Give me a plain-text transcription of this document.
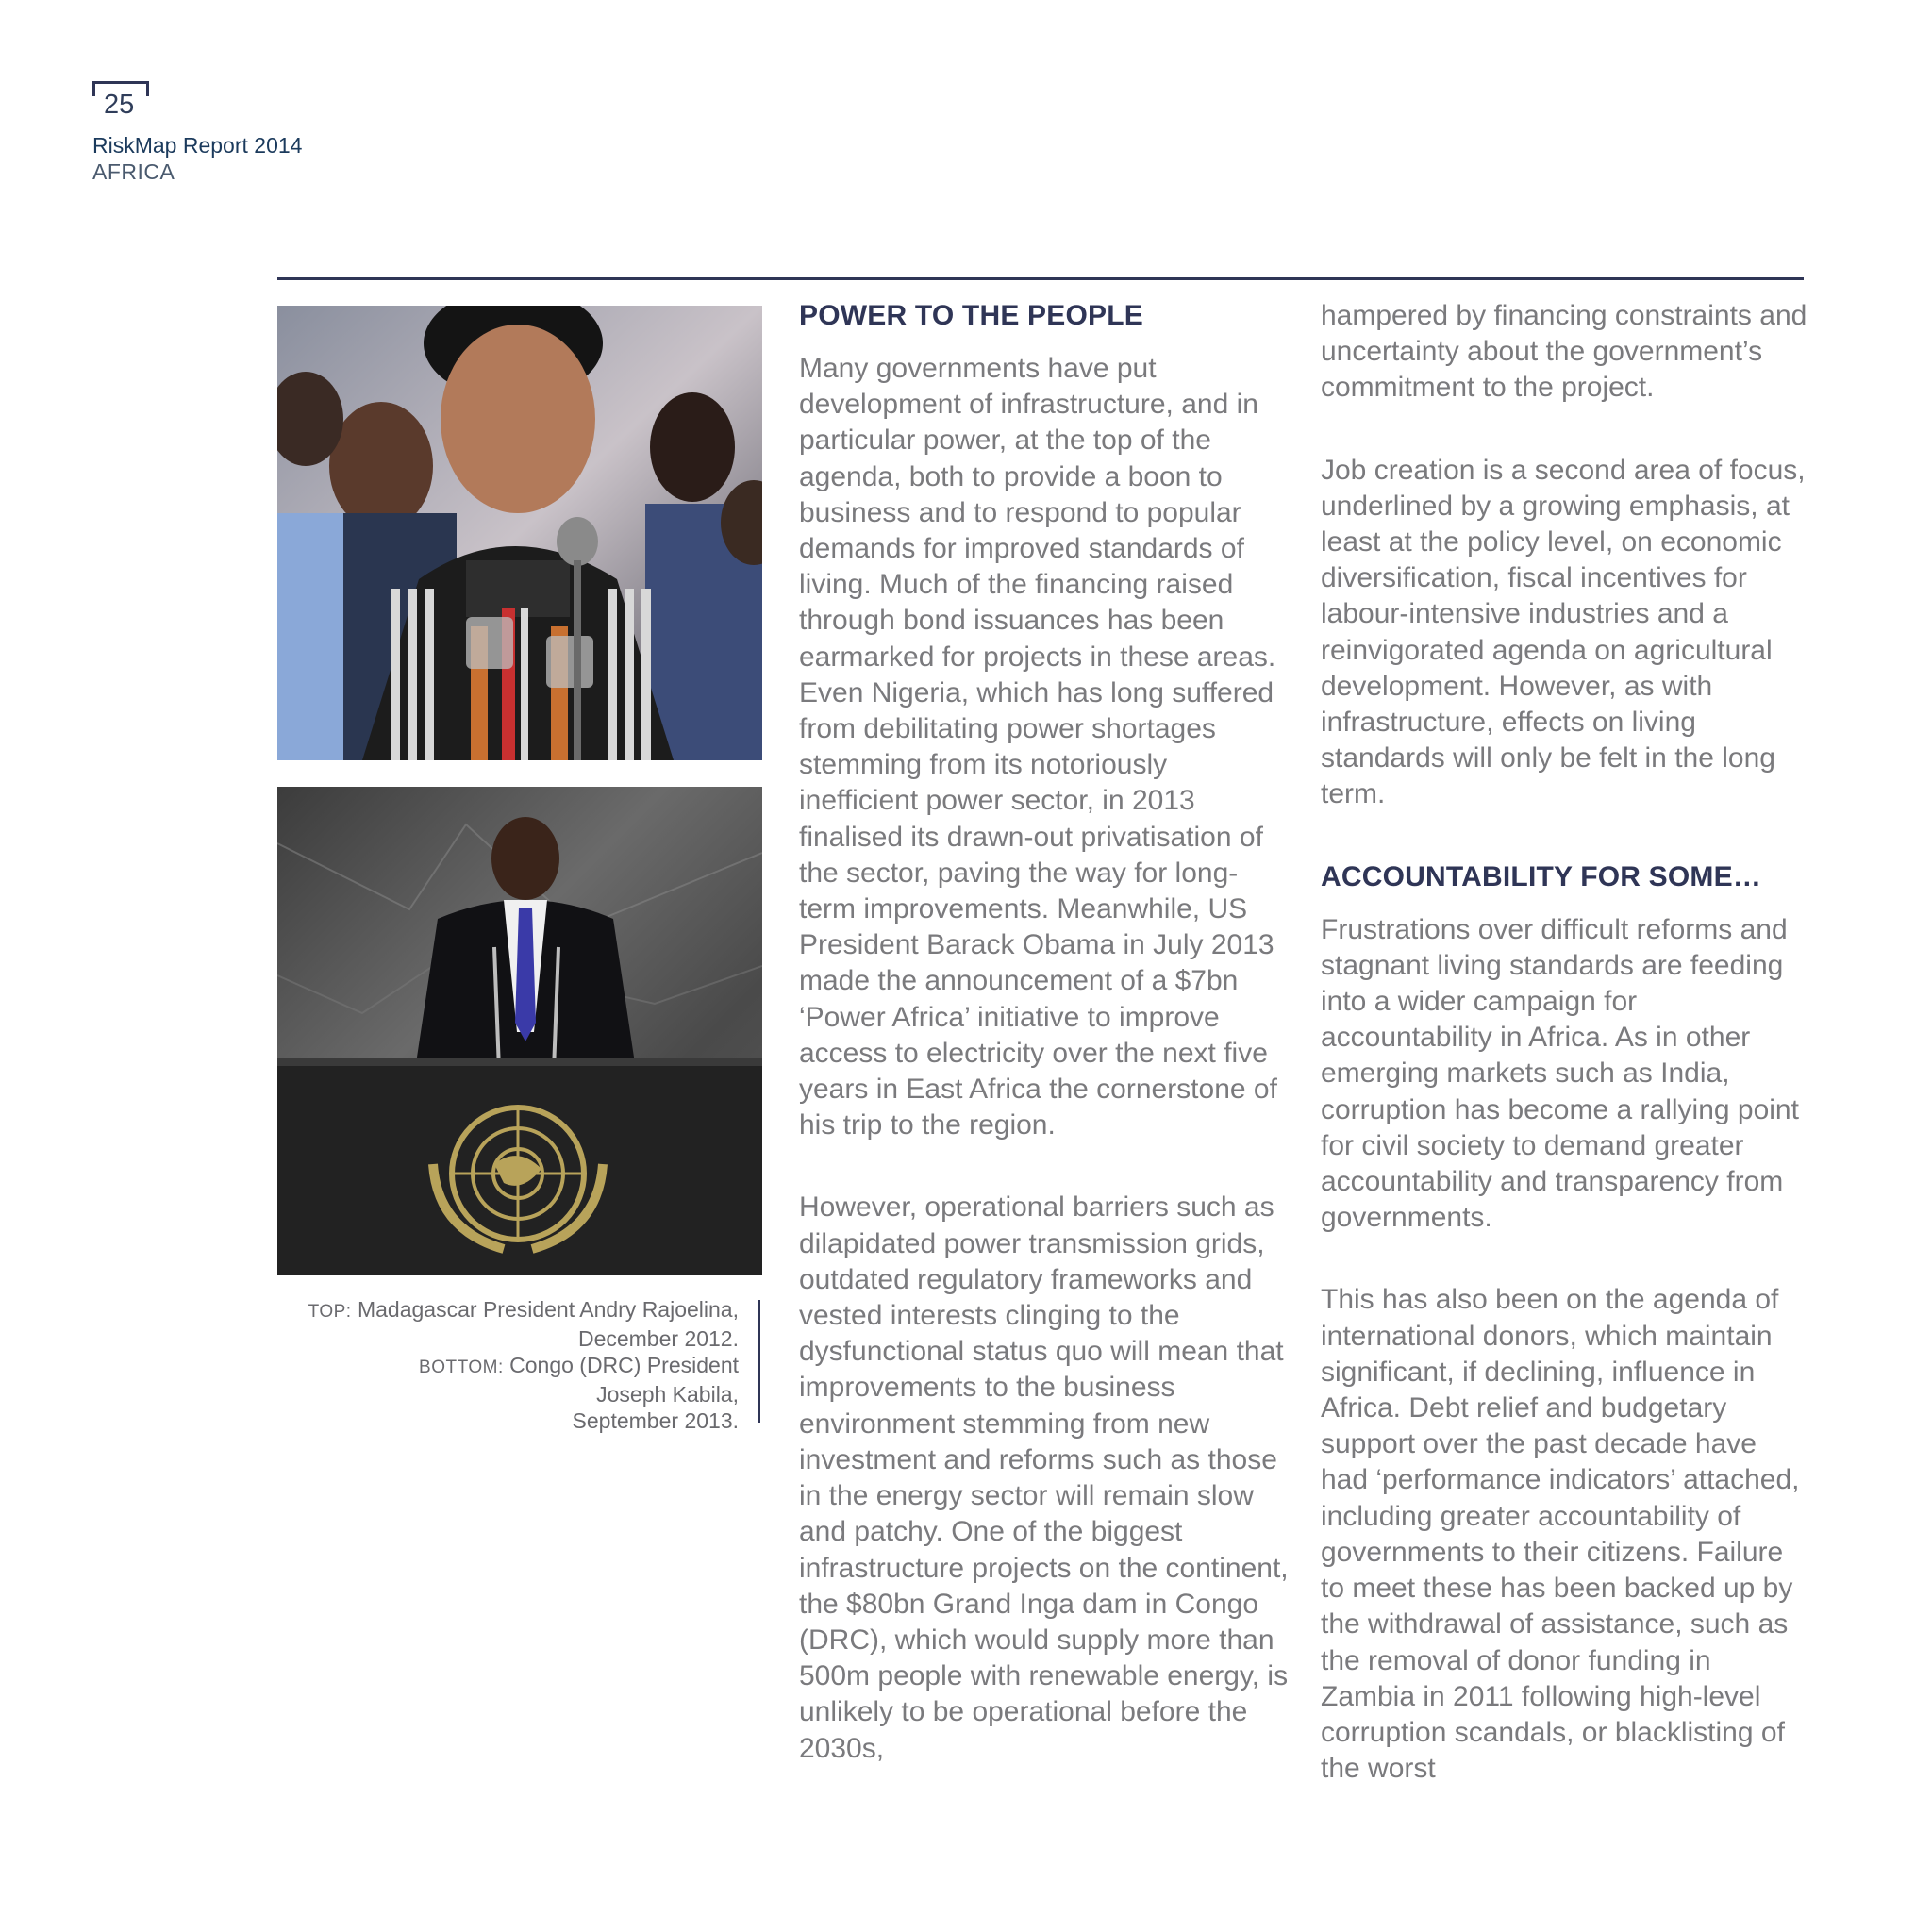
25
RiskMap Report 2014
AFRICA
TOP: Madagascar President Andry Rajoelina, December 2012.
BOTTOM: Congo (DRC) President
Joseph Kabila,
September 2013.
POWER TO THE PEOPLE

Many governments have put development of infrastructure, and in particular power, at the top of the agenda, both to provide a boon to business and to respond to popular demands for improved standards of living. Much of the financing raised through bond issuances has been earmarked for projects in these areas. Even Nigeria, which has long suffered from debilitating power shortages stemming from its notoriously inefficient power sector, in 2013 finalised its drawn-out privatisation of the sector, paving the way for long-term improvements. Meanwhile, US President Barack Obama in July 2013 made the announcement of a $7bn ‘Power Africa’ initiative to improve access to electricity over the next five years in East Africa the cornerstone of his trip to the region.

However, operational barriers such as dilapidated power transmission grids, outdated regulatory frameworks and vested interests clinging to the dysfunctional status quo will mean that improvements to the business environment stemming from new investment and reforms such as those in the energy sector will remain slow and patchy. One of the biggest infrastructure projects on the continent, the $80bn Grand Inga dam in Congo (DRC), which would supply more than 500m people with renewable energy, is unlikely to be operational before the 2030s,

hampered by financing constraints and uncertainty about the government’s commitment to the project.

Job creation is a second area of focus, underlined by a growing emphasis, at least at the policy level, on economic diversification, fiscal incentives for labour-intensive industries and a reinvigorated agenda on agricultural development. However, as with infrastructure, effects on living standards will only be felt in the long term.

ACCOUNTABILITY FOR SOME…

Frustrations over difficult reforms and stagnant living standards are feeding into a wider campaign for accountability in Africa. As in other emerging markets such as India, corruption has become a rallying point for civil society to demand greater accountability and transparency from governments.

This has also been on the agenda of international donors, which maintain significant, if declining, influence in Africa. Debt relief and budgetary support over the past decade have had ‘performance indicators’ attached, including greater accountability of governments to their citizens. Failure to meet these has been backed up by the withdrawal of assistance, such as the removal of donor funding in Zambia in 2011 following high-level corruption scandals, or blacklisting of the worst
